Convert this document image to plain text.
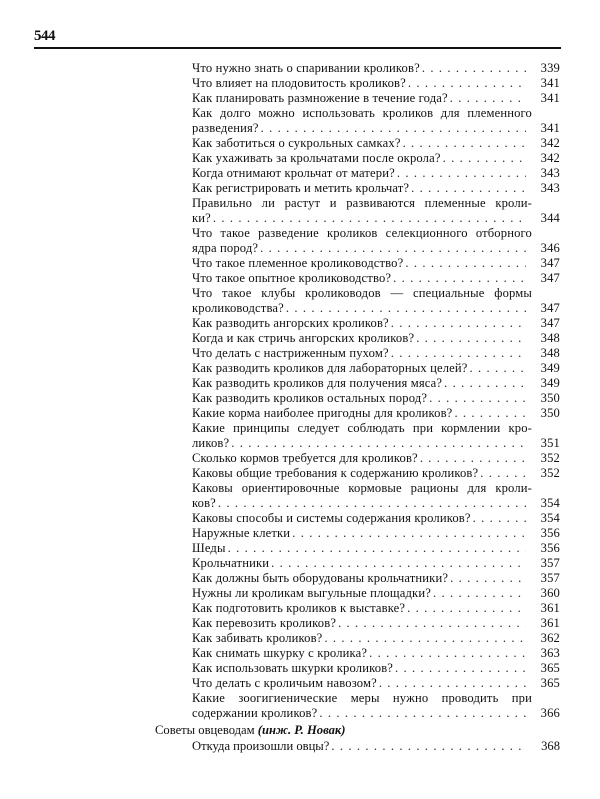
544
Что нужно знать о спаривании кроликов? . . .	339
Что влияет на плодовитость кроликов? . . .	341
Как планировать размножение в течение года? . . .	341
Как долго можно использовать кроликов для племенного
разведения? . . .	341
Как заботиться о сукрольных самках? . . .	342
Как ухаживать за крольчатами после окрола? . . .	342
Когда отнимают крольчат от матери? . . .	343
Как регистрировать и метить крольчат? . . .	343
Правильно ли растут и развиваются племенные кроли-
ки? . . .	344
Что такое разведение кроликов селекционного отборного
ядра пород? . . .	346
Что такое племенное кролиководство? . . .	347
Что такое опытное кролиководство? . . .	347
Что такое клубы кролиководов — специальные формы
кролиководства? . . .	347
Как разводить ангорских кроликов? . . .	347
Когда и как стричь ангорских кроликов? . . .	348
Что делать с настриженным пухом? . . .	348
Как разводить кроликов для лабораторных целей? . . .	349
Как разводить кроликов для получения мяса? . . .	349
Как разводить кроликов остальных пород? . . .	350
Какие корма наиболее пригодны для кроликов? . . .	350
Какие принципы следует соблюдать при кормлении кро-
ликов? . . .	351
Сколько кормов требуется для кроликов? . . .	352
Каковы общие требования к содержанию кроликов? . . .	352
Каковы ориентировочные кормовые рационы для кроли-
ков? . . .	354
Каковы способы и системы содержания кроликов? . . .	354
Наружные клетки . . .	356
Шеды . . .	356
Крольчатники . . .	357
Как должны быть оборудованы крольчатники? . . .	357
Нужны ли кроликам выгульные площадки? . . .	360
Как подготовить кроликов к выставке? . . .	361
Как перевозить кроликов? . . .	361
Как забивать кроликов? . . .	362
Как снимать шкурку с кролика? . . .	363
Как использовать шкурки кроликов? . . .	365
Что делать с кроличьим навозом? . . .	365
Какие зоогигиенические меры нужно проводить при
содержании кроликов? . . .	366
Советы овцеводам (инж. Р. Новак)
Откуда произошли овцы? . . .	368
